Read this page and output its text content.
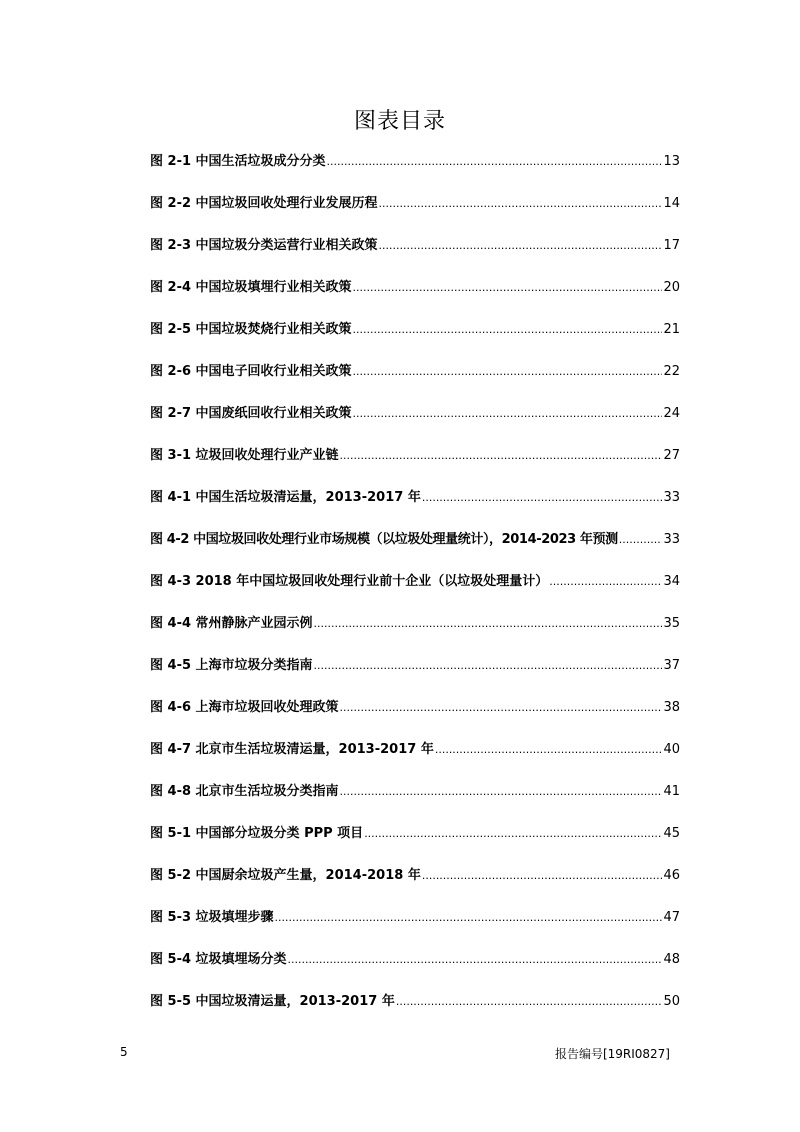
图表目录
图 2-1 中国生活垃圾成分分类 .....	13
图 2-2 中国垃圾回收处理行业发展历程 .....	14
图 2-3 中国垃圾分类运营行业相关政策 .....	17
图 2-4 中国垃圾填埋行业相关政策 .....	20
图 2-5 中国垃圾焚烧行业相关政策 .....	21
图 2-6 中国电子回收行业相关政策 .....	22
图 2-7 中国废纸回收行业相关政策 .....	24
图 3-1 垃圾回收处理行业产业链 .....	27
图 4-1 中国生活垃圾清运量，2013-2017 年 .....	33
图 4-2 中国垃圾回收处理行业市场规模（以垃圾处理量统计），2014-2023 年预测 .....	33
图 4-3 2018 年中国垃圾回收处理行业前十企业（以垃圾处理量计） .....	34
图 4-4 常州静脉产业园示例 .....	35
图 4-5 上海市垃圾分类指南 .....	37
图 4-6 上海市垃圾回收处理政策 .....	38
图 4-7 北京市生活垃圾清运量，2013-2017 年 .....	40
图 4-8 北京市生活垃圾分类指南 .....	41
图 5-1 中国部分垃圾分类 PPP 项目 .....	45
图 5-2 中国厨余垃圾产生量，2014-2018 年 .....	46
图 5-3 垃圾填埋步骤 .....	47
图 5-4 垃圾填埋场分类 .....	48
图 5-5 中国垃圾清运量，2013-2017 年 .....	50
5	报告编号[19RI0827]
